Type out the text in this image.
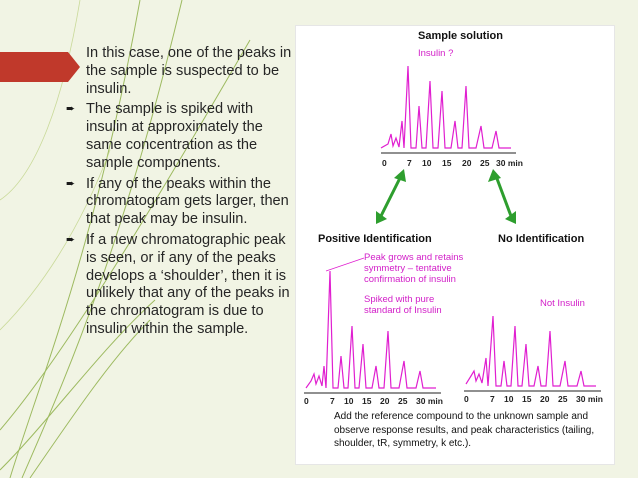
In this case, one of the peaks in the sample is suspected to be insulin.
➨ The sample is spiked with insulin at approximately the same concentration as the sample components.
➨ If any of the peaks within the chromatogram gets larger, then that peak may be insulin.
➨ If a new chromatographic peak is seen, or if any of the peaks develops a ‘shoulder’, then it is unlikely that any of the peaks in the chromatogram is due to insulin within the sample.
Sample solution
Insulin ?
0 7 10 15 20 25 30 min
Positive Identification	No Identification
Peak grows and retains symmetry – tentative confirmation of insulin
Spiked with pure standard of Insulin
Not Insulin
0	7 10 15 20 25 30 min 0	7 10 15 20 25 30 min
Add the reference compound to the unknown sample and observe response results, and peak characteristics (tailing, shoulder, tR, symmetry, k etc.).
